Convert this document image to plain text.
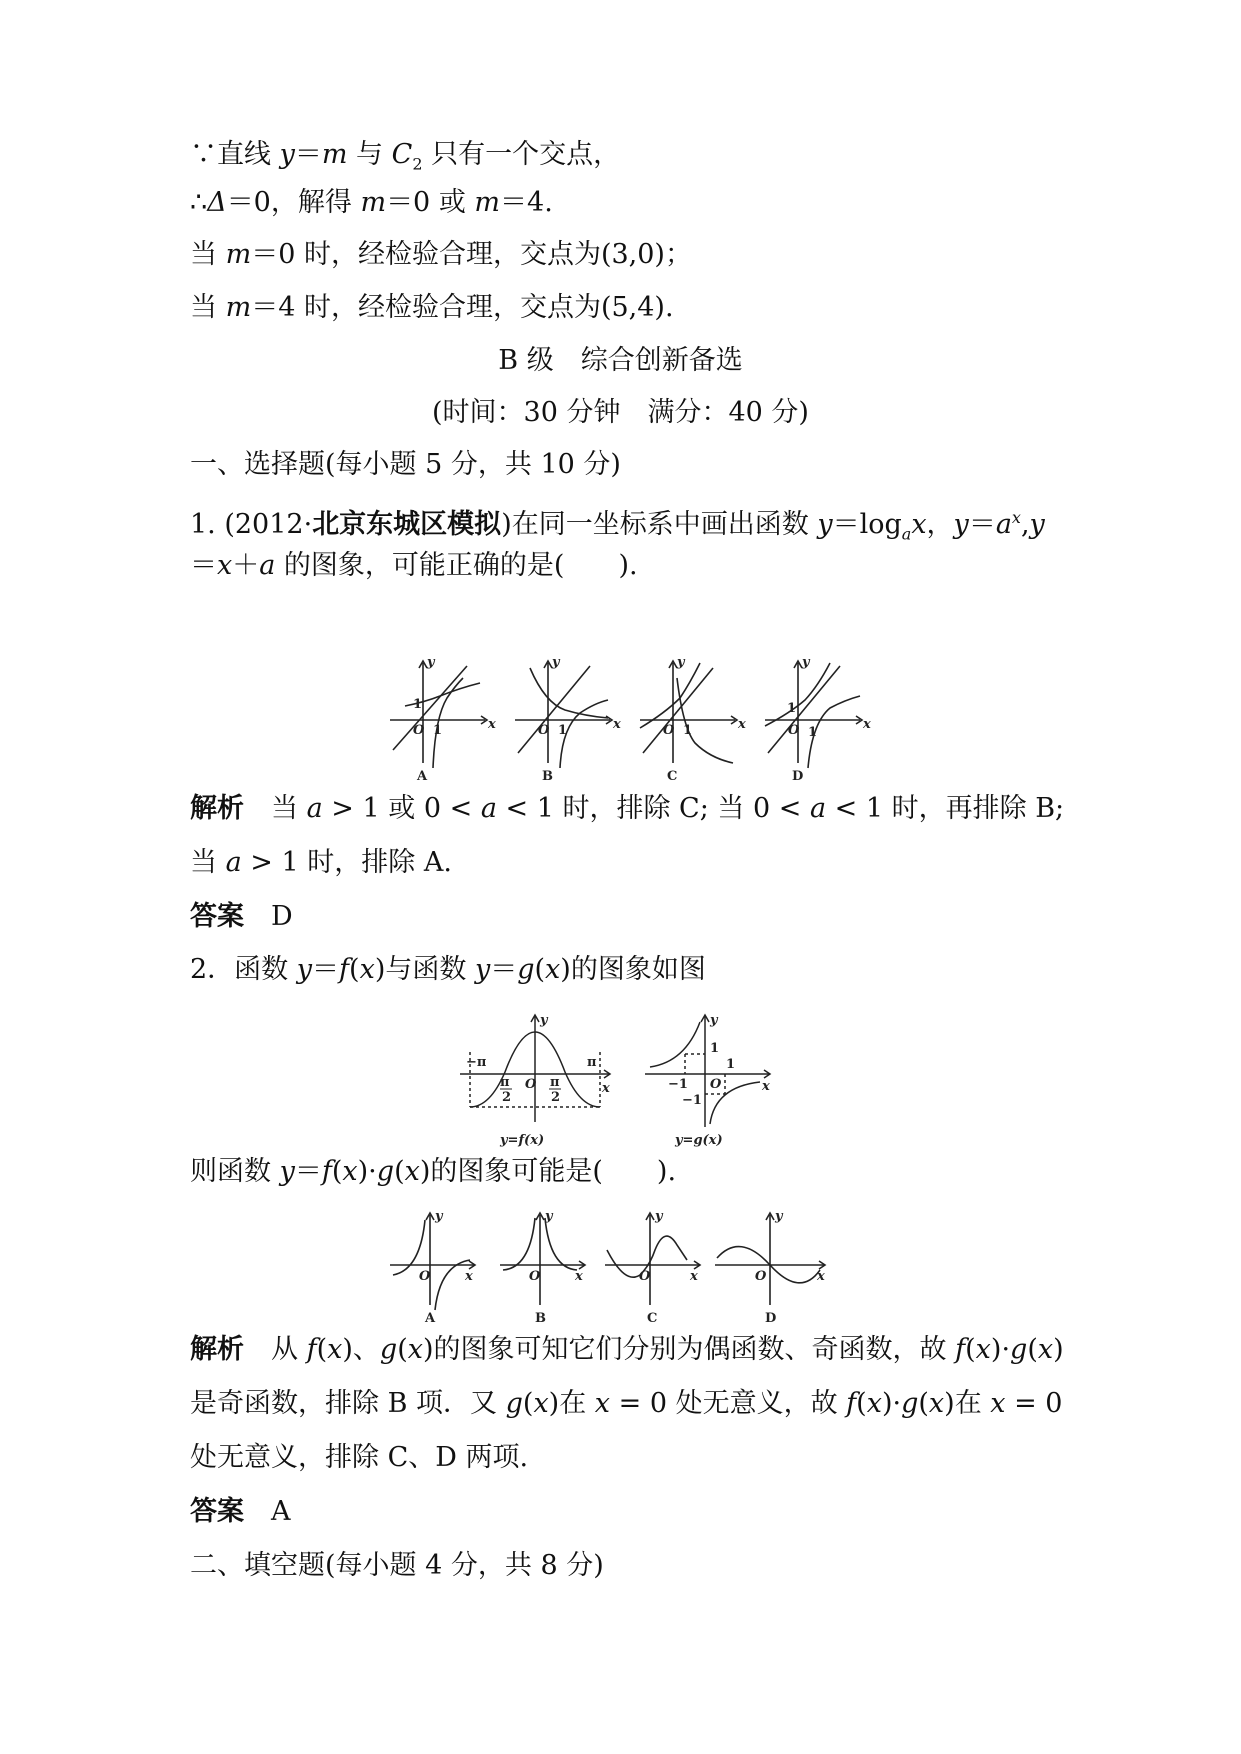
∵直线 y＝m 与 $C_2$ 只有一个交点，
∴Δ＝0，解得 m＝0 或 m＝4.
当 m＝0 时，经检验合理，交点为(3,0)；
当 m＝4 时，经检验合理，交点为(5,4).
B 级　综合创新备选
(时间：30 分钟　满分：40 分)
一、选择题(每小题 5 分，共 10 分)
1. (2012·北京东城区模拟)在同一坐标系中画出函数 $y=\log_ax$，$y=a^x,y$
＝x＋a 的图象，可能正确的是(　　).
y
x
O
1
1
A
y
x
O 1
B
y
x
O 1
C
y
x
O
1
1
D
解析　当 a > 1 或 0 < a < 1 时，排除 C; 当 0 < a < 1 时，再排除 B;
当 a > 1 时，排除 A.
答案　 D
2．函数 y＝f(x)与函数 y＝g(x)的图象如图
y
x
−π	π
π
2
π
2
O
y=f(x)
y
x
1
1
−1
−1
O
y=g(x)
则函数 y＝f(x)·g(x)的图象可能是(　　).
y
x
O
A
y
x
O
B
y
x
O
C
y
x
O
D
解析　从 f(x)、g(x)的图象可知它们分别为偶函数、奇函数，故 f(x)·g(x)
是奇函数，排除 B 项．又 g(x)在 x = 0 处无意义，故 f(x)·g(x)在 x = 0
处无意义，排除 C、D 两项.
答案　 A
二、填空题(每小题 4 分，共 8 分)
